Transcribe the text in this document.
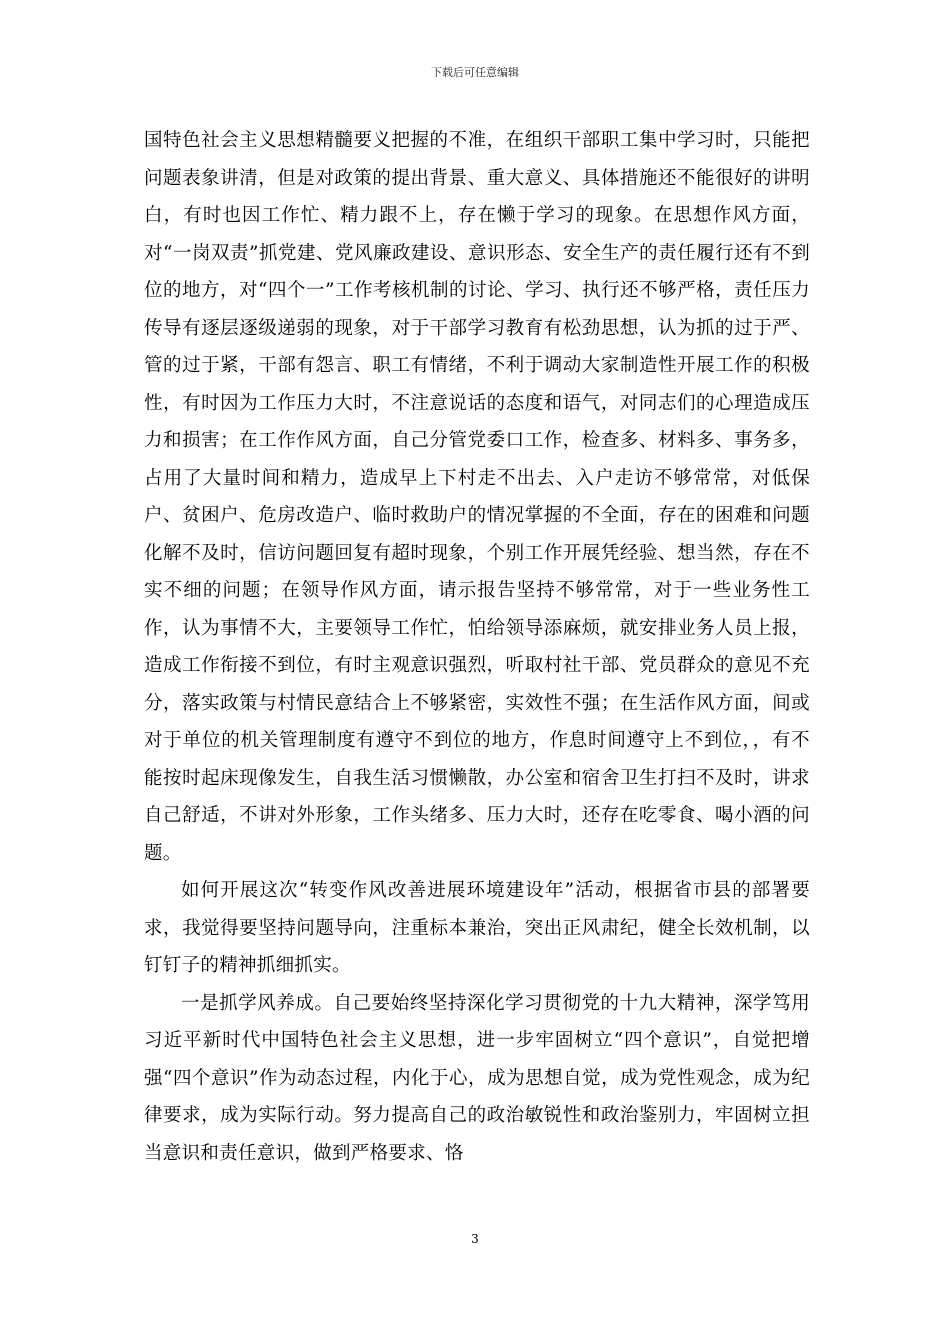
下载后可任意编辑

国特色社会主义思想精髓要义把握的不准，在组织干部职工集中学习时，只能把问题表象讲清，但是对政策的提出背景、重大意义、具体措施还不能很好的讲明白，有时也因工作忙、精力跟不上，存在懒于学习的现象。在思想作风方面，对“一岗双责”抓党建、党风廉政建设、意识形态、安全生产的责任履行还有不到位的地方，对“四个一”工作考核机制的讨论、学习、执行还不够严格，责任压力传导有逐层逐级递弱的现象，对于干部学习教育有松劲思想，认为抓的过于严、管的过于紧，干部有怨言、职工有情绪，不利于调动大家制造性开展工作的积极性，有时因为工作压力大时，不注意说话的态度和语气，对同志们的心理造成压力和损害；在工作作风方面，自己分管党委口工作，检查多、材料多、事务多，占用了大量时间和精力，造成早上下村走不出去、入户走访不够常常，对低保户、贫困户、危房改造户、临时救助户的情况掌握的不全面，存在的困难和问题化解不及时，信访问题回复有超时现象，个别工作开展凭经验、想当然，存在不实不细的问题；在领导作风方面，请示报告坚持不够常常，对于一些业务性工作，认为事情不大，主要领导工作忙，怕给领导添麻烦，就安排业务人员上报，造成工作衔接不到位，有时主观意识强烈，听取村社干部、党员群众的意见不充分，落实政策与村情民意结合上不够紧密，实效性不强；在生活作风方面，间或对于单位的机关管理制度有遵守不到位的地方，作息时间遵守上不到位，，有不能按时起床现像发生，自我生活习惯懒散，办公室和宿舍卫生打扫不及时，讲求自己舒适，不讲对外形象，工作头绪多、压力大时，还存在吃零食、喝小酒的问题。

如何开展这次“转变作风改善进展环境建设年”活动，根据省市县的部署要求，我觉得要坚持问题导向，注重标本兼治，突出正风肃纪，健全长效机制，以钉钉子的精神抓细抓实。

一是抓学风养成。自己要始终坚持深化学习贯彻党的十九大精神，深学笃用习近平新时代中国特色社会主义思想，进一步牢固树立“四个意识”，自觉把增强“四个意识”作为动态过程，内化于心，成为思想自觉，成为党性观念，成为纪律要求，成为实际行动。努力提高自己的政治敏锐性和政治鉴别力，牢固树立担当意识和责任意识，做到严格要求、恪

3
